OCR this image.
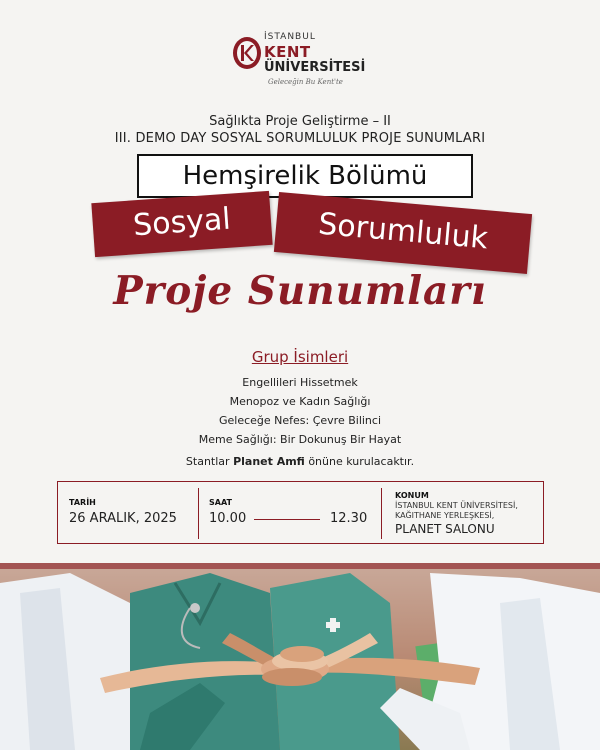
İSTANBUL
KENT
ÜNİVERSİTESİ
Geleceğin Bu Kent'te
Sağlıkta Proje Geliştirme – II
III. DEMO DAY SOSYAL SORUMLULUK PROJE SUNUMLARI
Hemşirelik Bölümü
Sosyal	Sorumluluk
Proje Sunumları
Grup İsimleri
Engellileri Hissetmek
Menopoz ve Kadın Sağlığı
Geleceğe Nefes: Çevre Bilinci
Meme Sağlığı: Bir Dokunuş Bir Hayat
Stantlar Planet Amfi önüne kurulacaktır.
TARİH
26 ARALIK, 2025
SAAT
10.00	12.30
KONUM
İSTANBUL KENT ÜNİVERSİTESİ,
KAĞITHANE YERLEŞKESİ,
PLANET SALONU
